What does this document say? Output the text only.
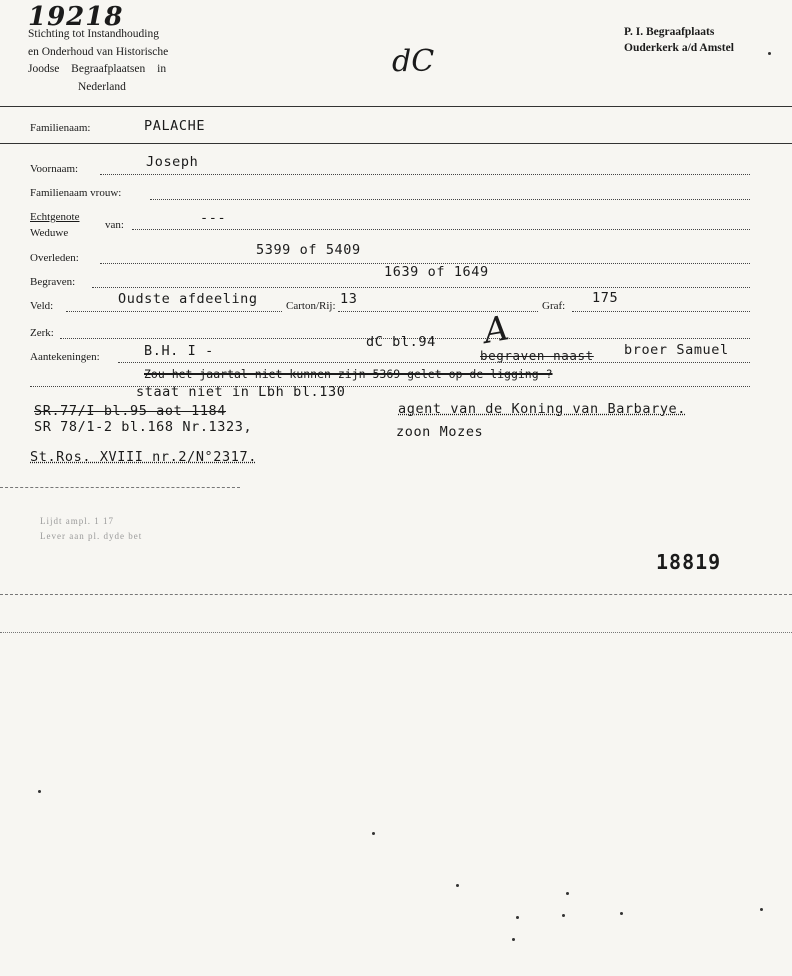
19218
Stichting tot Instandhouding
en Onderhoud van Historische
Joodse Begraafplaatsen in
Nederland
dC
P. I. Begraafplaats
Ouderkerk a/d Amstel
Familienaam:	PALACHE
Voornaam:	Joseph
Familienaam vrouw:
Echtgenote
Weduwe
van:	---
Overleden:	5399 of 5409
Begraven:
1639 of 1649
Veld:	Oudste afdeeling	Carton/Rij: 13	Graf: 175
Zerk:
Aantekeningen:	B.H. I -
dC bl.94 A
begraven naast broer Samuel
Zou het jaartal niet kunnen zijn 5369 gelet op de ligging ?
staat niet in Lbh bl.130
SR.77/I bl.95 aot 1184	agent van de Koning van Barbarye.
SR 78/1-2 bl.168 Nr.1323,	zoon Mozes
St.Ros. XVIII nr.2/N°2317.
Lijdt ampl. 1 17
Lever aan pl. dyde bet
18819
